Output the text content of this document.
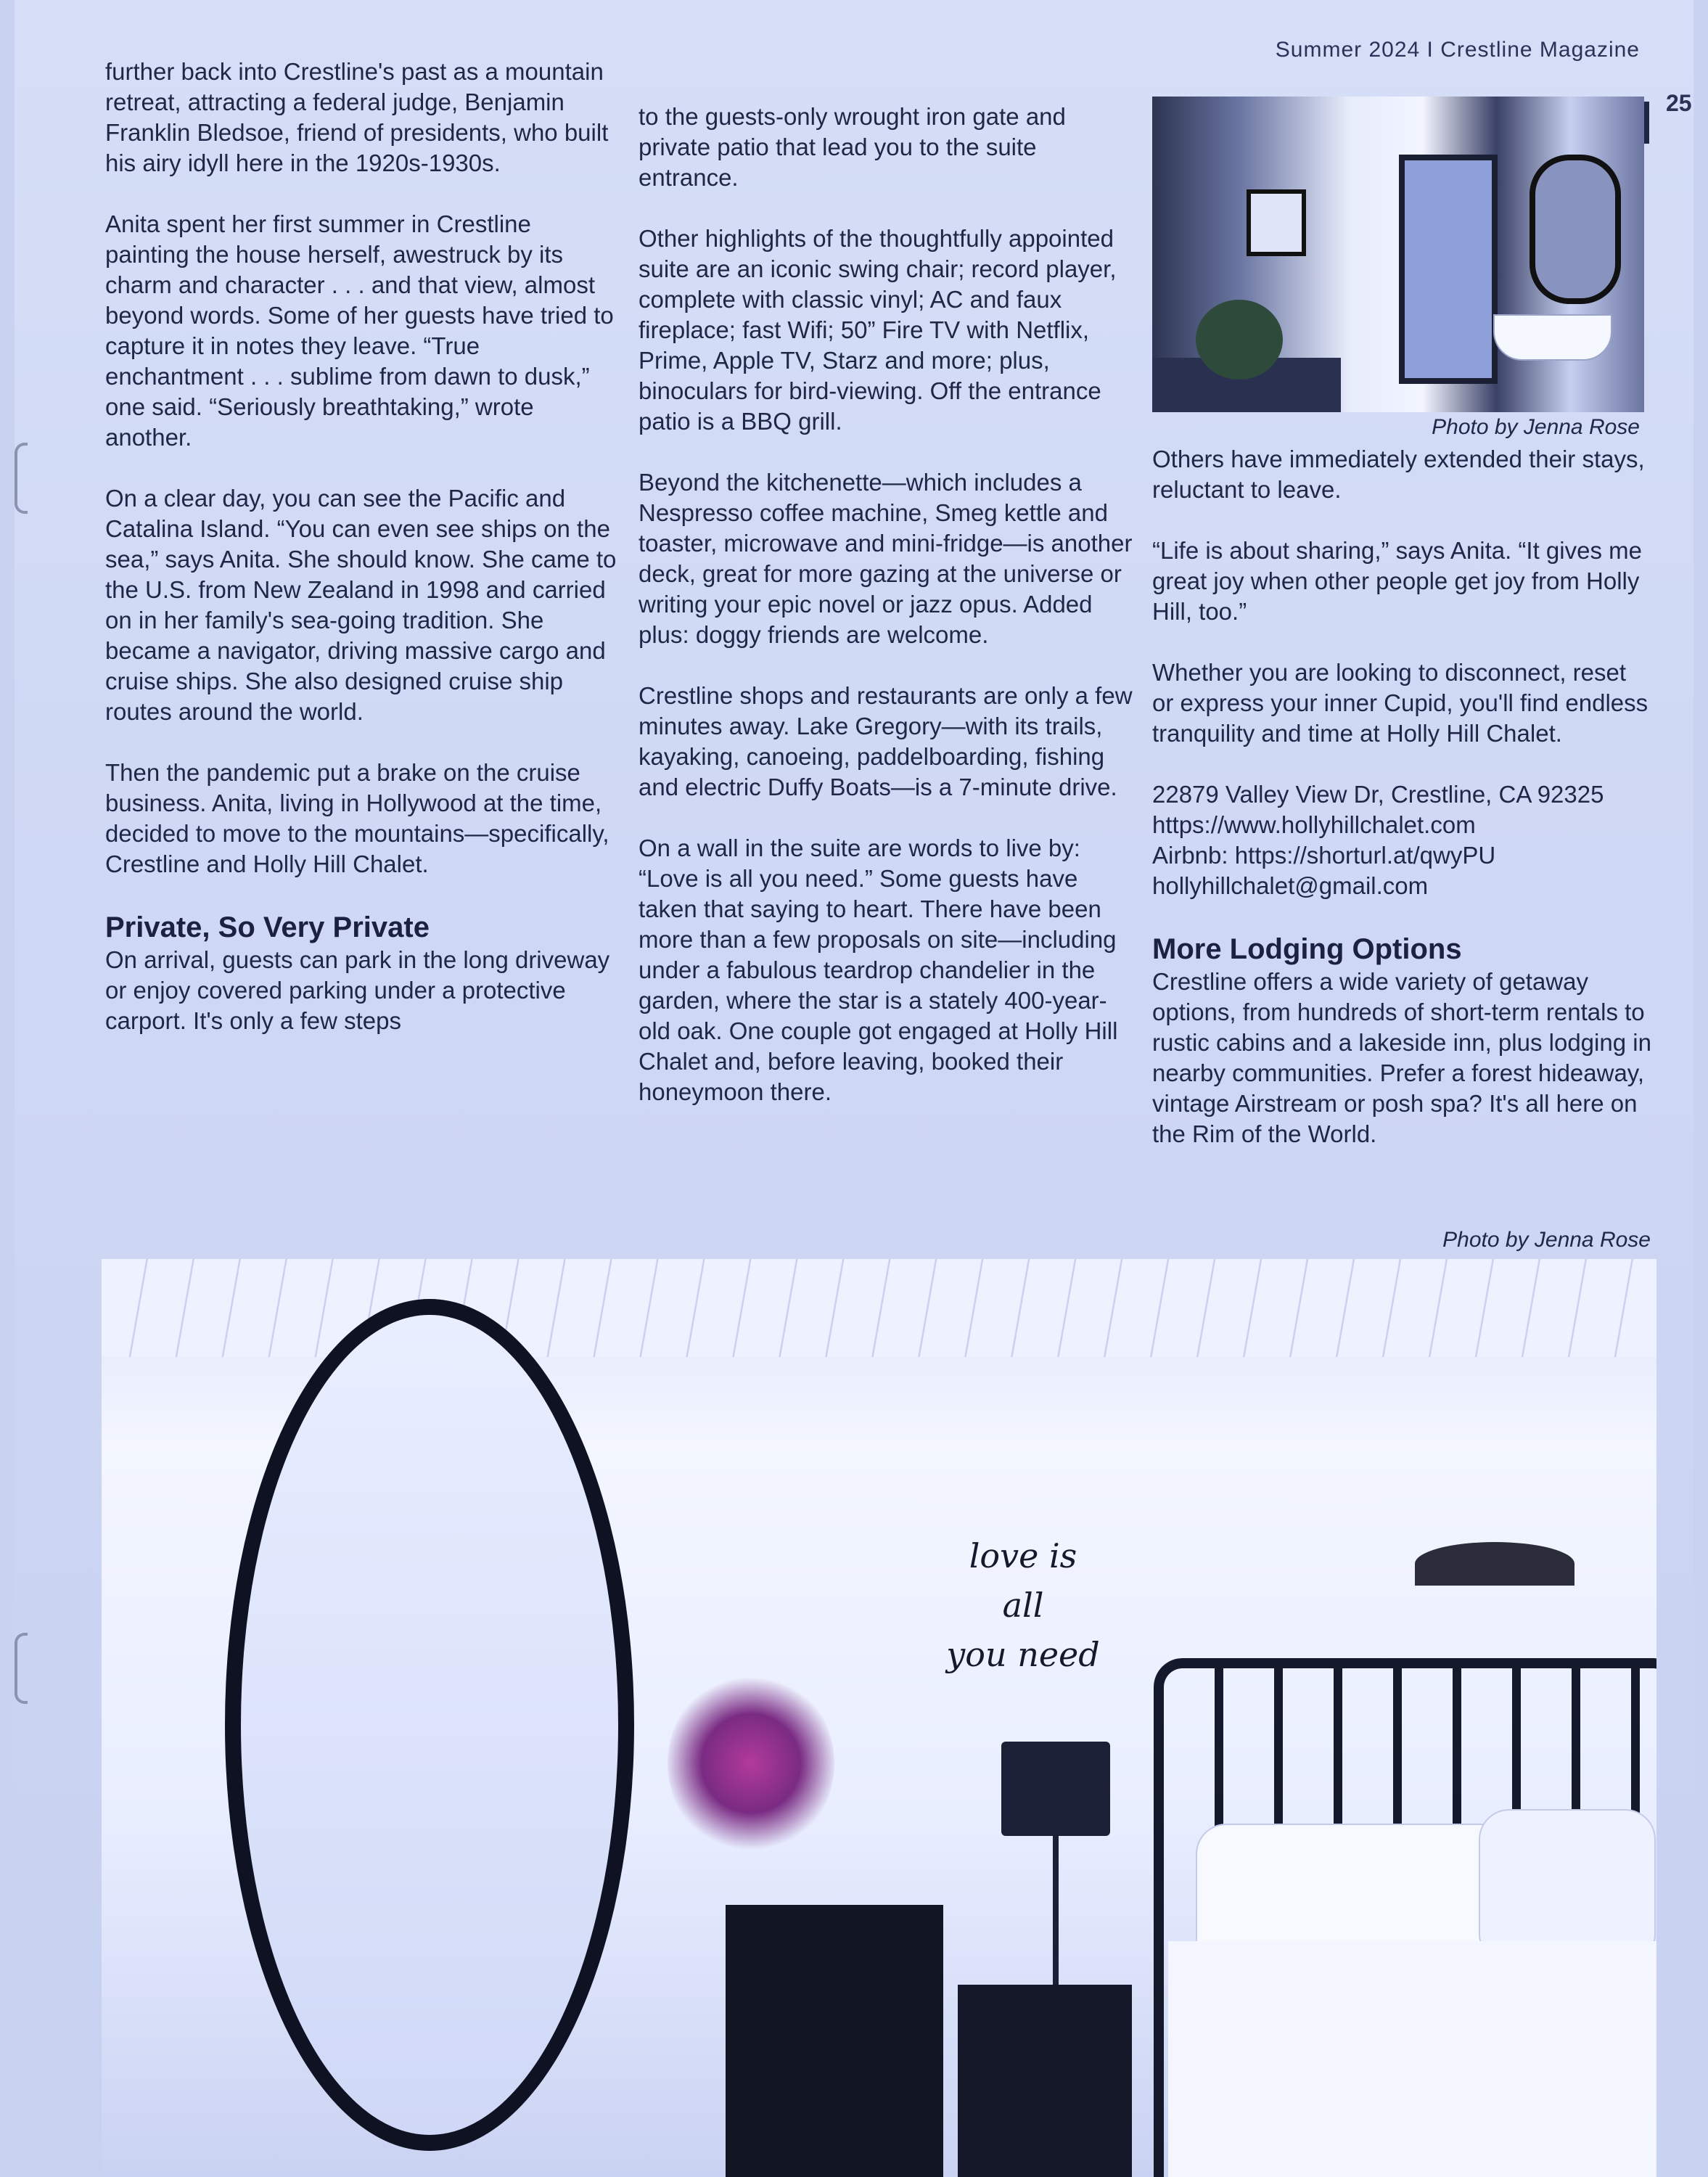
Summer 2024 I Crestline Magazine
25

further back into Crestline's past as a mountain retreat, attracting a federal judge, Benjamin Franklin Bledsoe, friend of presidents, who built his airy idyll here in the 1920s-1930s.

Anita spent her first summer in Crestline painting the house herself, awestruck by its charm and character . . . and that view, almost beyond words. Some of her guests have tried to capture it in notes they leave. “True enchantment . . . sublime from dawn to dusk,” one said. “Seriously breathtaking,” wrote another.

On a clear day, you can see the Pacific and Catalina Island. “You can even see ships on the sea,” says Anita. She should know. She came to the U.S. from New Zealand in 1998 and carried on in her family's sea-going tradition. She became a navigator, driving massive cargo and cruise ships. She also designed cruise ship routes around the world.

Then the pandemic put a brake on the cruise business. Anita, living in Hollywood at the time, decided to move to the mountains—specifically, Crestline and Holly Hill Chalet.

Private, So Very Private

On arrival, guests can park in the long driveway or enjoy covered parking under a protective carport. It's only a few steps

to the guests-only wrought iron gate and private patio that lead you to the suite entrance.

Other highlights of the thoughtfully appointed suite are an iconic swing chair; record player, complete with classic vinyl; AC and faux fireplace; fast Wifi; 50” Fire TV with Netflix, Prime, Apple TV, Starz and more; plus, binoculars for bird-viewing. Off the entrance patio is a BBQ grill.

Beyond the kitchenette—which includes a Nespresso coffee machine, Smeg kettle and toaster, microwave and mini-fridge—is another deck, great for more gazing at the universe or writing your epic novel or jazz opus. Added plus: doggy friends are welcome.

Crestline shops and restaurants are only a few minutes away. Lake Gregory—with its trails, kayaking, canoeing, paddelboarding, fishing and electric Duffy Boats—is a 7-minute drive.

On a wall in the suite are words to live by: “Love is all you need.” Some guests have taken that saying to heart. There have been more than a few proposals on site—including under a fabulous teardrop chandelier in the garden, where the star is a stately 400-year-old oak. One couple got engaged at Holly Hill Chalet and, before leaving, booked their honeymoon there.

Photo by Jenna Rose

Others have immediately extended their stays, reluctant to leave.

“Life is about sharing,” says Anita. “It gives me great joy when other people get joy from Holly Hill, too.”

Whether you are looking to disconnect, reset or express your inner Cupid, you'll find endless tranquility and time at Holly Hill Chalet.

22879 Valley View Dr, Crestline, CA 92325
https://www.hollyhillchalet.com
Airbnb: https://shorturl.at/qwyPU
hollyhillchalet@gmail.com
More Lodging Options

Crestline offers a wide variety of getaway options, from hundreds of short-term rentals to rustic cabins and a lakeside inn, plus lodging in nearby communities. Prefer a forest hideaway, vintage Airstream or posh spa? It's all here on the Rim of the World.

Photo by Jenna Rose
love is
all
you need
